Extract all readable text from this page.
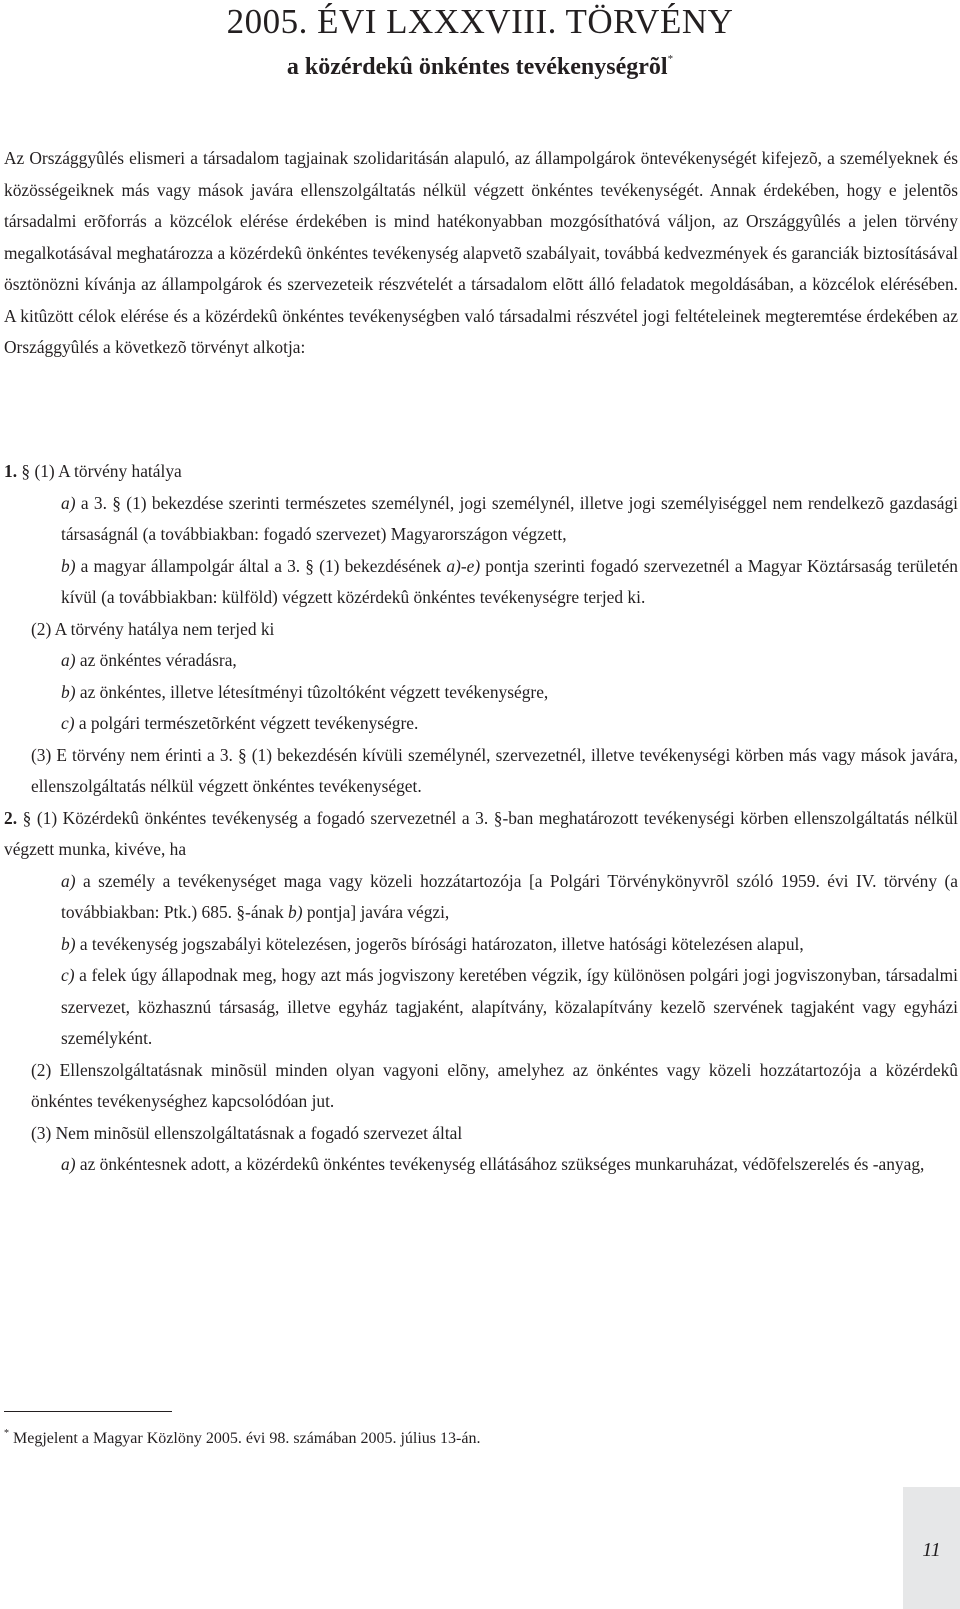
2005. ÉVI LXXXVIII. TÖRVÉNY
a közérdekû önkéntes tevékenységrõl*

Az Országgyûlés elismeri a társadalom tagjainak szolidaritásán alapuló, az állampolgárok öntevékenységét kifejezõ, a személyeknek és közösségeiknek más vagy mások javára ellenszolgáltatás nélkül végzett önkéntes tevékenységét. Annak érdekében, hogy e jelentõs társadalmi erõforrás a közcélok elérése érdekében is mind hatékonyabban mozgósíthatóvá váljon, az Országgyûlés a jelen törvény megalkotásával meghatározza a közérdekû önkéntes tevékenység alapvetõ szabályait, továbbá kedvezmények és garanciák biztosításával ösztönözni kívánja az állampolgárok és szervezeteik részvételét a társadalom elõtt álló feladatok megoldásában, a közcélok elérésében. A kitûzött célok elérése és a közérdekû önkéntes tevékenységben való társadalmi részvétel jogi feltételeinek megteremtése érdekében az Országgyûlés a következõ törvényt alkotja:

1. § (1) A törvény hatálya

a) a 3. § (1) bekezdése szerinti természetes személynél, jogi személynél, illetve jogi személyiséggel nem rendelkezõ gazdasági társaságnál (a továbbiakban: fogadó szervezet) Magyarországon végzett,

b) a magyar állampolgár által a 3. § (1) bekezdésének a)-e) pontja szerinti fogadó szervezetnél a Magyar Köztársaság területén kívül (a továbbiakban: külföld) végzett közérdekû önkéntes tevékenységre terjed ki.

(2) A törvény hatálya nem terjed ki

a) az önkéntes véradásra,

b) az önkéntes, illetve létesítményi tûzoltóként végzett tevékenységre,

c) a polgári természetõrként végzett tevékenységre.

(3) E törvény nem érinti a 3. § (1) bekezdésén kívüli személynél, szervezetnél, illetve tevékenységi körben más vagy mások javára, ellenszolgáltatás nélkül végzett önkéntes tevékenységet.

2. § (1) Közérdekû önkéntes tevékenység a fogadó szervezetnél a 3. §-ban meghatározott tevékenységi körben ellenszolgáltatás nélkül végzett munka, kivéve, ha

a) a személy a tevékenységet maga vagy közeli hozzátartozója [a Polgári Törvénykönyvrõl szóló 1959. évi IV. törvény (a továbbiakban: Ptk.) 685. §-ának b) pontja] javára végzi,

b) a tevékenység jogszabályi kötelezésen, jogerõs bírósági határozaton, illetve hatósági kötelezésen alapul,

c) a felek úgy állapodnak meg, hogy azt más jogviszony keretében végzik, így különösen polgári jogi jogviszonyban, társadalmi szervezet, közhasznú társaság, illetve egyház tagjaként, alapítvány, közalapítvány kezelõ szervének tagjaként vagy egyházi személyként.

(2) Ellenszolgáltatásnak minõsül minden olyan vagyoni elõny, amelyhez az önkéntes vagy közeli hozzátartozója a közérdekû önkéntes tevékenységhez kapcsolódóan jut.

(3) Nem minõsül ellenszolgáltatásnak a fogadó szervezet által

a) az önkéntesnek adott, a közérdekû önkéntes tevékenység ellátásához szükséges munkaruházat, védõfelszerelés és -anyag,

* Megjelent a Magyar Közlöny 2005. évi 98. számában 2005. július 13-án.
11
